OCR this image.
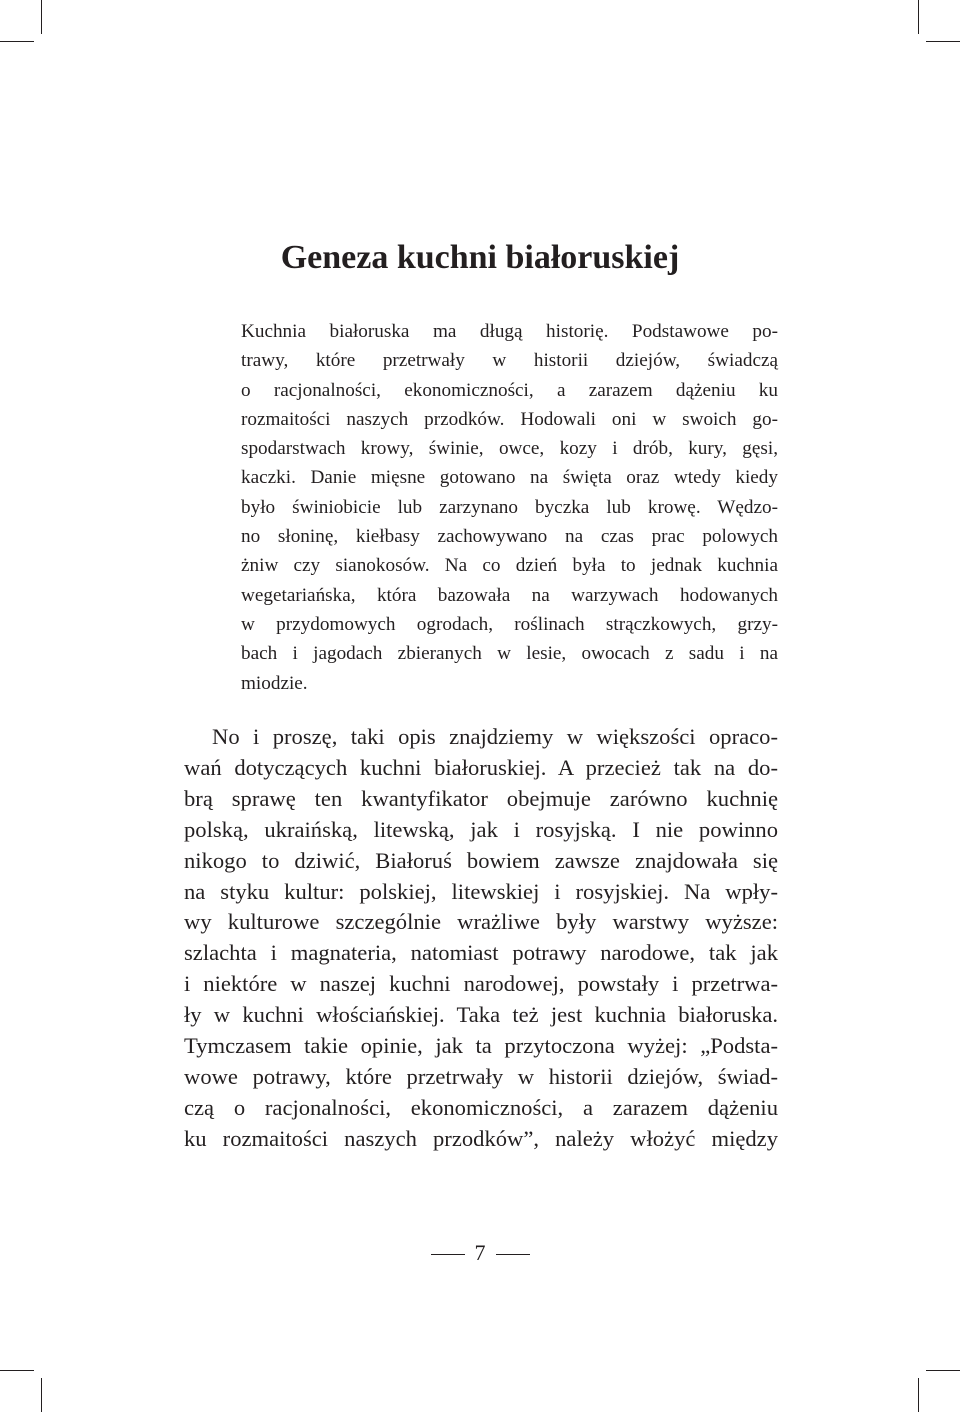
Geneza kuchni białoruskiej
Kuchnia białoruska ma długą historię. Podstawowe po-
trawy, które przetrwały w historii dziejów, świadczą
o racjonalności, ekonomiczności, a zarazem dążeniu ku
rozmaitości naszych przodków. Hodowali oni w swoich go-
spodarstwach krowy, świnie, owce, kozy i drób, kury, gęsi,
kaczki. Danie mięsne gotowano na święta oraz wtedy kiedy
było świniobicie lub zarzynano byczka lub krowę. Wędzo-
no słoninę, kiełbasy zachowywano na czas prac polowych
żniw czy sianokosów. Na co dzień była to jednak kuchnia
wegetariańska, która bazowała na warzywach hodowanych
w przydomowych ogrodach, roślinach strączkowych, grzy-
bach i jagodach zbieranych w lesie, owocach z sadu i na
miodzie.
No i proszę, taki opis znajdziemy w większości opraco-
wań dotyczących kuchni białoruskiej. A przecież tak na do-
brą sprawę ten kwantyfikator obejmuje zarówno kuchnię
polską, ukraińską, litewską, jak i rosyjską. I nie powinno
nikogo to dziwić, Białoruś bowiem zawsze znajdowała się
na styku kultur: polskiej, litewskiej i rosyjskiej. Na wpły-
wy kulturowe szczególnie wrażliwe były warstwy wyższe:
szlachta i magnateria, natomiast potrawy narodowe, tak jak
i niektóre w naszej kuchni narodowej, powstały i przetrwa-
ły w kuchni włościańskiej. Taka też jest kuchnia białoruska.
Tymczasem takie opinie, jak ta przytoczona wyżej: „Podsta-
wowe potrawy, które przetrwały w historii dziejów, świad-
czą o racjonalności, ekonomiczności, a zarazem dążeniu
ku rozmaitości naszych przodków”, należy włożyć między
7
